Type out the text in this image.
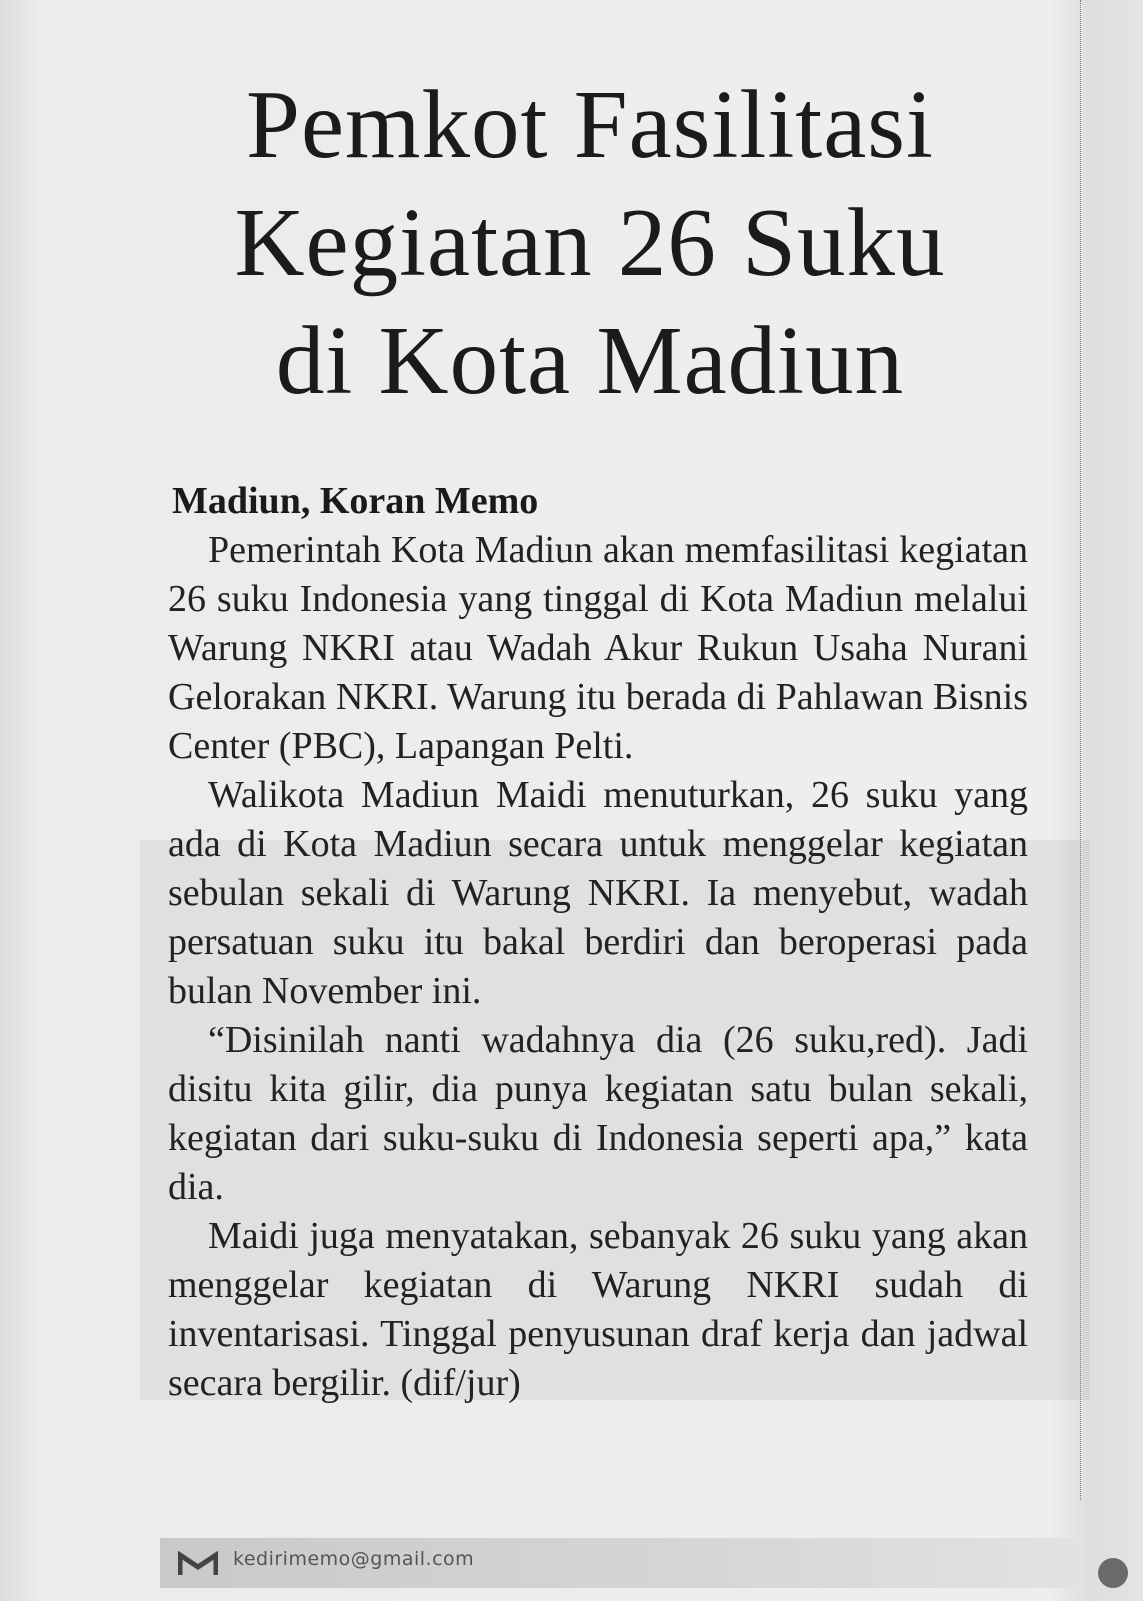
Pemkot Fasilitasi
Kegiatan 26 Suku
di Kota Madiun

Madiun, Koran Memo

Pemerintah Kota Madiun akan memfasilitasi kegiatan 26 suku Indonesia yang tinggal di Kota Madiun melalui Warung NKRI atau Wadah Akur Rukun Usaha Nurani Gelorakan NKRI. Warung itu berada di Pahlawan Bisnis Center (PBC), Lapangan Pelti.

Walikota Madiun Maidi menuturkan, 26 suku yang ada di Kota Madiun secara untuk menggelar kegiatan sebulan sekali di Warung NKRI. Ia menyebut, wadah persatuan suku itu bakal berdiri dan beroperasi pada bulan November ini.

“Disinilah nanti wadahnya dia (26 suku,red). Jadi disitu kita gilir, dia punya kegiatan satu bulan sekali, kegiatan dari suku-suku di Indonesia seperti apa,” kata dia.

Maidi juga menyatakan, sebanyak 26 suku yang akan menggelar kegiatan di Warung NKRI sudah di inventarisasi. Tinggal penyusunan draf kerja dan jadwal secara bergilir. (dif/jur)

kedirimemo@gmail.com
